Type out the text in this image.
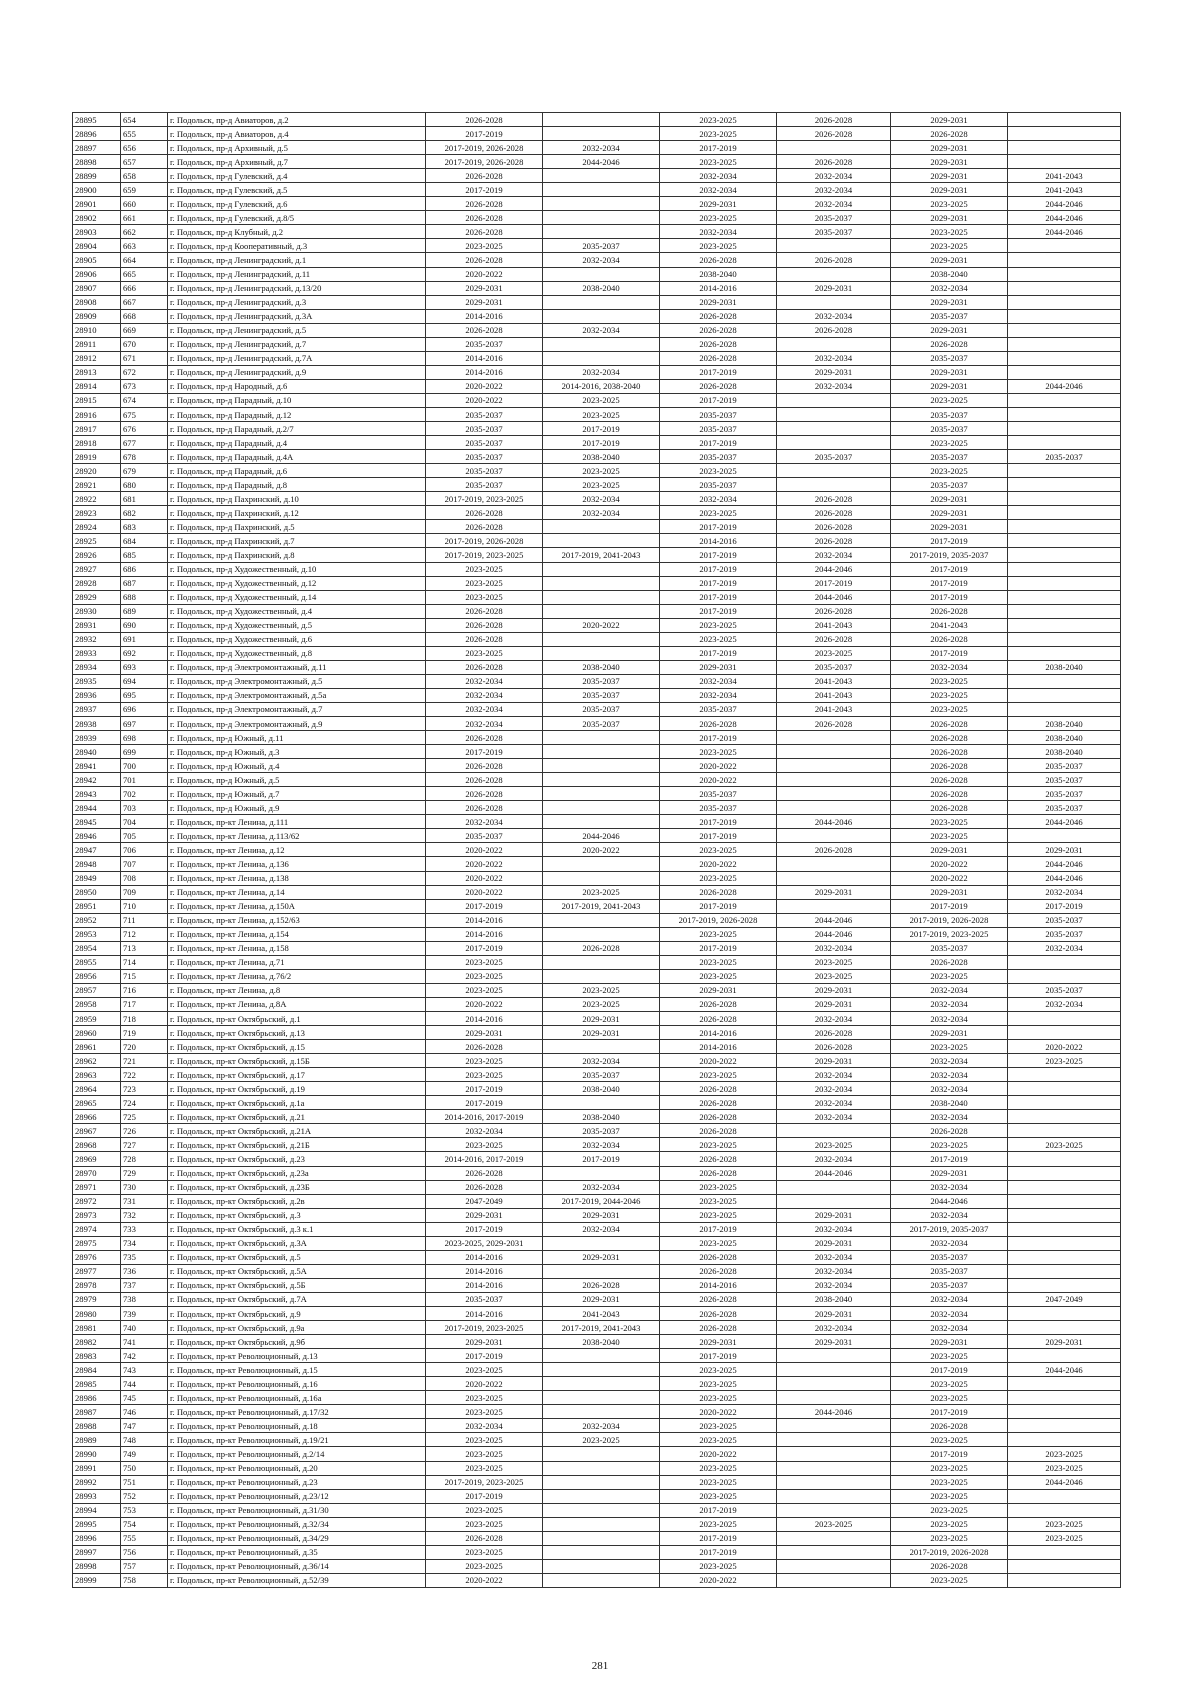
28895	654	г. Подольск, пр-д Авиаторов, д.2	2026-2028		2023-2025	2026-2028	2029-2031	
28896	655	г. Подольск, пр-д Авиаторов, д.4	2017-2019		2023-2025	2026-2028	2026-2028	
28897	656	г. Подольск, пр-д Архивный, д.5	2017-2019, 2026-2028	2032-2034	2017-2019		2029-2031	
28898	657	г. Подольск, пр-д Архивный, д.7	2017-2019, 2026-2028	2044-2046	2023-2025	2026-2028	2029-2031	
28899	658	г. Подольск, пр-д Гулевский, д.4	2026-2028		2032-2034	2032-2034	2029-2031	2041-2043
28900	659	г. Подольск, пр-д Гулевский, д.5	2017-2019		2032-2034	2032-2034	2029-2031	2041-2043
28901	660	г. Подольск, пр-д Гулевский, д.6	2026-2028		2029-2031	2032-2034	2023-2025	2044-2046
28902	661	г. Подольск, пр-д Гулевский, д.8/5	2026-2028		2023-2025	2035-2037	2029-2031	2044-2046
28903	662	г. Подольск, пр-д Клубный, д.2	2026-2028		2032-2034	2035-2037	2023-2025	2044-2046
28904	663	г. Подольск, пр-д Кооперативный, д.3	2023-2025	2035-2037	2023-2025		2023-2025	
28905	664	г. Подольск, пр-д Ленинградский, д.1	2026-2028	2032-2034	2026-2028	2026-2028	2029-2031	
28906	665	г. Подольск, пр-д Ленинградский, д.11	2020-2022		2038-2040		2038-2040	
28907	666	г. Подольск, пр-д Ленинградский, д.13/20	2029-2031	2038-2040	2014-2016	2029-2031	2032-2034	
28908	667	г. Подольск, пр-д Ленинградский, д.3	2029-2031		2029-2031		2029-2031	
28909	668	г. Подольск, пр-д Ленинградский, д.3А	2014-2016		2026-2028	2032-2034	2035-2037	
28910	669	г. Подольск, пр-д Ленинградский, д.5	2026-2028	2032-2034	2026-2028	2026-2028	2029-2031	
28911	670	г. Подольск, пр-д Ленинградский, д.7	2035-2037		2026-2028		2026-2028	
28912	671	г. Подольск, пр-д Ленинградский, д.7А	2014-2016		2026-2028	2032-2034	2035-2037	
28913	672	г. Подольск, пр-д Ленинградский, д.9	2014-2016	2032-2034	2017-2019	2029-2031	2029-2031	
28914	673	г. Подольск, пр-д Народный, д.6	2020-2022	2014-2016, 2038-2040	2026-2028	2032-2034	2029-2031	2044-2046
28915	674	г. Подольск, пр-д Парадный, д.10	2020-2022	2023-2025	2017-2019		2023-2025	
28916	675	г. Подольск, пр-д Парадный, д.12	2035-2037	2023-2025	2035-2037		2035-2037	
28917	676	г. Подольск, пр-д Парадный, д.2/7	2035-2037	2017-2019	2035-2037		2035-2037	
28918	677	г. Подольск, пр-д Парадный, д.4	2035-2037	2017-2019	2017-2019		2023-2025	
28919	678	г. Подольск, пр-д Парадный, д.4А	2035-2037	2038-2040	2035-2037	2035-2037	2035-2037	2035-2037
28920	679	г. Подольск, пр-д Парадный, д.6	2035-2037	2023-2025	2023-2025		2023-2025	
28921	680	г. Подольск, пр-д Парадный, д.8	2035-2037	2023-2025	2035-2037		2035-2037	
28922	681	г. Подольск, пр-д Пахринский, д.10	2017-2019, 2023-2025	2032-2034	2032-2034	2026-2028	2029-2031	
28923	682	г. Подольск, пр-д Пахринский, д.12	2026-2028	2032-2034	2023-2025	2026-2028	2029-2031	
28924	683	г. Подольск, пр-д Пахринский, д.5	2026-2028		2017-2019	2026-2028	2029-2031	
28925	684	г. Подольск, пр-д Пахринский, д.7	2017-2019, 2026-2028		2014-2016	2026-2028	2017-2019	
28926	685	г. Подольск, пр-д Пахринский, д.8	2017-2019, 2023-2025	2017-2019, 2041-2043	2017-2019	2032-2034	2017-2019, 2035-2037	
28927	686	г. Подольск, пр-д Художественный, д.10	2023-2025		2017-2019	2044-2046	2017-2019	
28928	687	г. Подольск, пр-д Художественный, д.12	2023-2025		2017-2019	2017-2019	2017-2019	
28929	688	г. Подольск, пр-д Художественный, д.14	2023-2025		2017-2019	2044-2046	2017-2019	
28930	689	г. Подольск, пр-д Художественный, д.4	2026-2028		2017-2019	2026-2028	2026-2028	
28931	690	г. Подольск, пр-д Художественный, д.5	2026-2028	2020-2022	2023-2025	2041-2043	2041-2043	
28932	691	г. Подольск, пр-д Художественный, д.6	2026-2028		2023-2025	2026-2028	2026-2028	
28933	692	г. Подольск, пр-д Художественный, д.8	2023-2025		2017-2019	2023-2025	2017-2019	
28934	693	г. Подольск, пр-д Электромонтажный, д.11	2026-2028	2038-2040	2029-2031	2035-2037	2032-2034	2038-2040
28935	694	г. Подольск, пр-д Электромонтажный, д.5	2032-2034	2035-2037	2032-2034	2041-2043	2023-2025	
28936	695	г. Подольск, пр-д Электромонтажный, д.5а	2032-2034	2035-2037	2032-2034	2041-2043	2023-2025	
28937	696	г. Подольск, пр-д Электромонтажный, д.7	2032-2034	2035-2037	2035-2037	2041-2043	2023-2025	
28938	697	г. Подольск, пр-д Электромонтажный, д.9	2032-2034	2035-2037	2026-2028	2026-2028	2026-2028	2038-2040
28939	698	г. Подольск, пр-д Южный, д.11	2026-2028		2017-2019		2026-2028	2038-2040
28940	699	г. Подольск, пр-д Южный, д.3	2017-2019		2023-2025		2026-2028	2038-2040
28941	700	г. Подольск, пр-д Южный, д.4	2026-2028		2020-2022		2026-2028	2035-2037
28942	701	г. Подольск, пр-д Южный, д.5	2026-2028		2020-2022		2026-2028	2035-2037
28943	702	г. Подольск, пр-д Южный, д.7	2026-2028		2035-2037		2026-2028	2035-2037
28944	703	г. Подольск, пр-д Южный, д.9	2026-2028		2035-2037		2026-2028	2035-2037
28945	704	г. Подольск, пр-кт Ленина, д.111	2032-2034		2017-2019	2044-2046	2023-2025	2044-2046
28946	705	г. Подольск, пр-кт Ленина, д.113/62	2035-2037	2044-2046	2017-2019		2023-2025	
28947	706	г. Подольск, пр-кт Ленина, д.12	2020-2022	2020-2022	2023-2025	2026-2028	2029-2031	2029-2031
28948	707	г. Подольск, пр-кт Ленина, д.136	2020-2022		2020-2022		2020-2022	2044-2046
28949	708	г. Подольск, пр-кт Ленина, д.138	2020-2022		2023-2025		2020-2022	2044-2046
28950	709	г. Подольск, пр-кт Ленина, д.14	2020-2022	2023-2025	2026-2028	2029-2031	2029-2031	2032-2034
28951	710	г. Подольск, пр-кт Ленина, д.150А	2017-2019	2017-2019, 2041-2043	2017-2019		2017-2019	2017-2019
28952	711	г. Подольск, пр-кт Ленина, д.152/63	2014-2016		2017-2019, 2026-2028	2044-2046	2017-2019, 2026-2028	2035-2037
28953	712	г. Подольск, пр-кт Ленина, д.154	2014-2016		2023-2025	2044-2046	2017-2019, 2023-2025	2035-2037
28954	713	г. Подольск, пр-кт Ленина, д.158	2017-2019	2026-2028	2017-2019	2032-2034	2035-2037	2032-2034
28955	714	г. Подольск, пр-кт Ленина, д.71	2023-2025		2023-2025	2023-2025	2026-2028	
28956	715	г. Подольск, пр-кт Ленина, д.76/2	2023-2025		2023-2025	2023-2025	2023-2025	
28957	716	г. Подольск, пр-кт Ленина, д.8	2023-2025	2023-2025	2029-2031	2029-2031	2032-2034	2035-2037
28958	717	г. Подольск, пр-кт Ленина, д.8А	2020-2022	2023-2025	2026-2028	2029-2031	2032-2034	2032-2034
28959	718	г. Подольск, пр-кт Октябрьский, д.1	2014-2016	2029-2031	2026-2028	2032-2034	2032-2034	
28960	719	г. Подольск, пр-кт Октябрьский, д.13	2029-2031	2029-2031	2014-2016	2026-2028	2029-2031	
28961	720	г. Подольск, пр-кт Октябрьский, д.15	2026-2028		2014-2016	2026-2028	2023-2025	2020-2022
28962	721	г. Подольск, пр-кт Октябрьский, д.15Б	2023-2025	2032-2034	2020-2022	2029-2031	2032-2034	2023-2025
28963	722	г. Подольск, пр-кт Октябрьский, д.17	2023-2025	2035-2037	2023-2025	2032-2034	2032-2034	
28964	723	г. Подольск, пр-кт Октябрьский, д.19	2017-2019	2038-2040	2026-2028	2032-2034	2032-2034	
28965	724	г. Подольск, пр-кт Октябрьский, д.1а	2017-2019		2026-2028	2032-2034	2038-2040	
28966	725	г. Подольск, пр-кт Октябрьский, д.21	2014-2016, 2017-2019	2038-2040	2026-2028	2032-2034	2032-2034	
28967	726	г. Подольск, пр-кт Октябрьский, д.21А	2032-2034	2035-2037	2026-2028		2026-2028	
28968	727	г. Подольск, пр-кт Октябрьский, д.21Б	2023-2025	2032-2034	2023-2025	2023-2025	2023-2025	2023-2025
28969	728	г. Подольск, пр-кт Октябрьский, д.23	2014-2016, 2017-2019	2017-2019	2026-2028	2032-2034	2017-2019	
28970	729	г. Подольск, пр-кт Октябрьский, д.23а	2026-2028		2026-2028	2044-2046	2029-2031	
28971	730	г. Подольск, пр-кт Октябрьский, д.23Б	2026-2028	2032-2034	2023-2025		2032-2034	
28972	731	г. Подольск, пр-кт Октябрьский, д.2в	2047-2049	2017-2019, 2044-2046	2023-2025		2044-2046	
28973	732	г. Подольск, пр-кт Октябрьский, д.3	2029-2031	2029-2031	2023-2025	2029-2031	2032-2034	
28974	733	г. Подольск, пр-кт Октябрьский, д.3 к.1	2017-2019	2032-2034	2017-2019	2032-2034	2017-2019, 2035-2037	
28975	734	г. Подольск, пр-кт Октябрьский, д.3А	2023-2025, 2029-2031		2023-2025	2029-2031	2032-2034	
28976	735	г. Подольск, пр-кт Октябрьский, д.5	2014-2016	2029-2031	2026-2028	2032-2034	2035-2037	
28977	736	г. Подольск, пр-кт Октябрьский, д.5А	2014-2016		2026-2028	2032-2034	2035-2037	
28978	737	г. Подольск, пр-кт Октябрьский, д.5Б	2014-2016	2026-2028	2014-2016	2032-2034	2035-2037	
28979	738	г. Подольск, пр-кт Октябрьский, д.7А	2035-2037	2029-2031	2026-2028	2038-2040	2032-2034	2047-2049
28980	739	г. Подольск, пр-кт Октябрьский, д.9	2014-2016	2041-2043	2026-2028	2029-2031	2032-2034	
28981	740	г. Подольск, пр-кт Октябрьский, д.9а	2017-2019, 2023-2025	2017-2019, 2041-2043	2026-2028	2032-2034	2032-2034	
28982	741	г. Подольск, пр-кт Октябрьский, д.9б	2029-2031	2038-2040	2029-2031	2029-2031	2029-2031	2029-2031
28983	742	г. Подольск, пр-кт Революционный, д.13	2017-2019		2017-2019		2023-2025	
28984	743	г. Подольск, пр-кт Революционный, д.15	2023-2025		2023-2025		2017-2019	2044-2046
28985	744	г. Подольск, пр-кт Революционный, д.16	2020-2022		2023-2025		2023-2025	
28986	745	г. Подольск, пр-кт Революционный, д.16а	2023-2025		2023-2025		2023-2025	
28987	746	г. Подольск, пр-кт Революционный, д.17/32	2023-2025		2020-2022	2044-2046	2017-2019	
28988	747	г. Подольск, пр-кт Революционный, д.18	2032-2034	2032-2034	2023-2025		2026-2028	
28989	748	г. Подольск, пр-кт Революционный, д.19/21	2023-2025	2023-2025	2023-2025		2023-2025	
28990	749	г. Подольск, пр-кт Революционный, д.2/14	2023-2025		2020-2022		2017-2019	2023-2025
28991	750	г. Подольск, пр-кт Революционный, д.20	2023-2025		2023-2025		2023-2025	2023-2025
28992	751	г. Подольск, пр-кт Революционный, д.23	2017-2019, 2023-2025		2023-2025		2023-2025	2044-2046
28993	752	г. Подольск, пр-кт Революционный, д.23/12	2017-2019		2023-2025		2023-2025	
28994	753	г. Подольск, пр-кт Революционный, д.31/30	2023-2025		2017-2019		2023-2025	
28995	754	г. Подольск, пр-кт Революционный, д.32/34	2023-2025		2023-2025	2023-2025	2023-2025	2023-2025
28996	755	г. Подольск, пр-кт Революционный, д.34/29	2026-2028		2017-2019		2023-2025	2023-2025
28997	756	г. Подольск, пр-кт Революционный, д.35	2023-2025		2017-2019		2017-2019, 2026-2028	
28998	757	г. Подольск, пр-кт Революционный, д.36/14	2023-2025		2023-2025		2026-2028	
28999	758	г. Подольск, пр-кт Революционный, д.52/39	2020-2022		2020-2022		2023-2025	
281
